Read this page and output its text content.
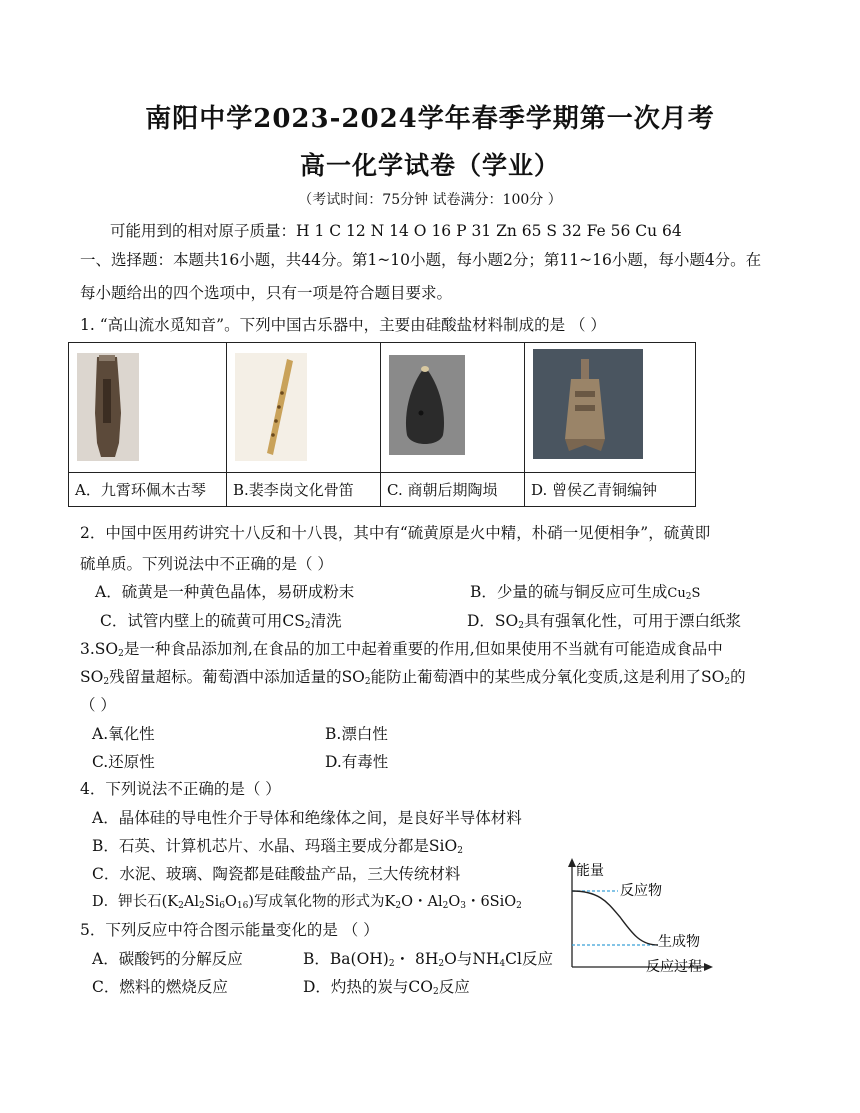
南阳中学2023-2024学年春季学期第一次月考
高一化学试卷（学业）
（考试时间：75分钟 试卷满分：100分 ）
可能用到的相对原子质量：H 1 C 12 N 14 O 16 P 31 Zn 65 S 32 Fe 56 Cu 64
一、选择题：本题共16小题，共44分。第1~10小题，每小题2分；第11~16小题，每小题4分。在
每小题给出的四个选项中，只有一项是符合题目要求。
1. “高山流水觅知音”。下列中国古乐器中，主要由硅酸盐材料制成的是 （ ）

A．九霄环佩木古琴	B.裴李岗文化骨笛	C. 商朝后期陶埙	D. 曾侯乙青铜编钟
2．中国中医用药讲究十八反和十八畏，其中有“硫黄原是火中精，朴硝一见便相争”，硫黄即
硫单质。下列说法中不正确的是（ ）
A．硫黄是一种黄色晶体，易研成粉末	B．少量的硫与铜反应可生成$Cu_2S$
C．试管内壁上的硫黄可用$CS_2$清洗	D．$SO_2$具有强氧化性，可用于漂白纸浆
$3.SO_2$是一种食品添加剂,在食品的加工中起着重要的作用,但如果使用不当就有可能造成食品中
$SO_2$残留量超标。葡萄酒中添加适量的$SO_2$能防止葡萄酒中的某些成分氧化变质,这是利用了$SO_2$的
（ ）
A.氧化性	B.漂白性
C.还原性	D.有毒性
4．下列说法不正确的是（ ）
A．晶体硅的导电性介于导体和绝缘体之间，是良好半导体材料
B．石英、计算机芯片、水晶、玛瑙主要成分都是SiO$_2$
C．水泥、玻璃、陶瓷都是硅酸盐产品，三大传统材料
D．钾长石$(K_2Al_2Si_6O_{16})$写成氧化物的形式为$K_2O$・$Al_2O_3$・6SiO$_2$
5．下列反应中符合图示能量变化的是 （ ）
A．碳酸钙的分解反应	B．$Ba(OH)_2$・ $8H_2O$与$NH_4Cl$反应
C．燃料的燃烧反应	D．灼热的炭与$CO_2$反应
能量
反应物
生成物
反应过程
